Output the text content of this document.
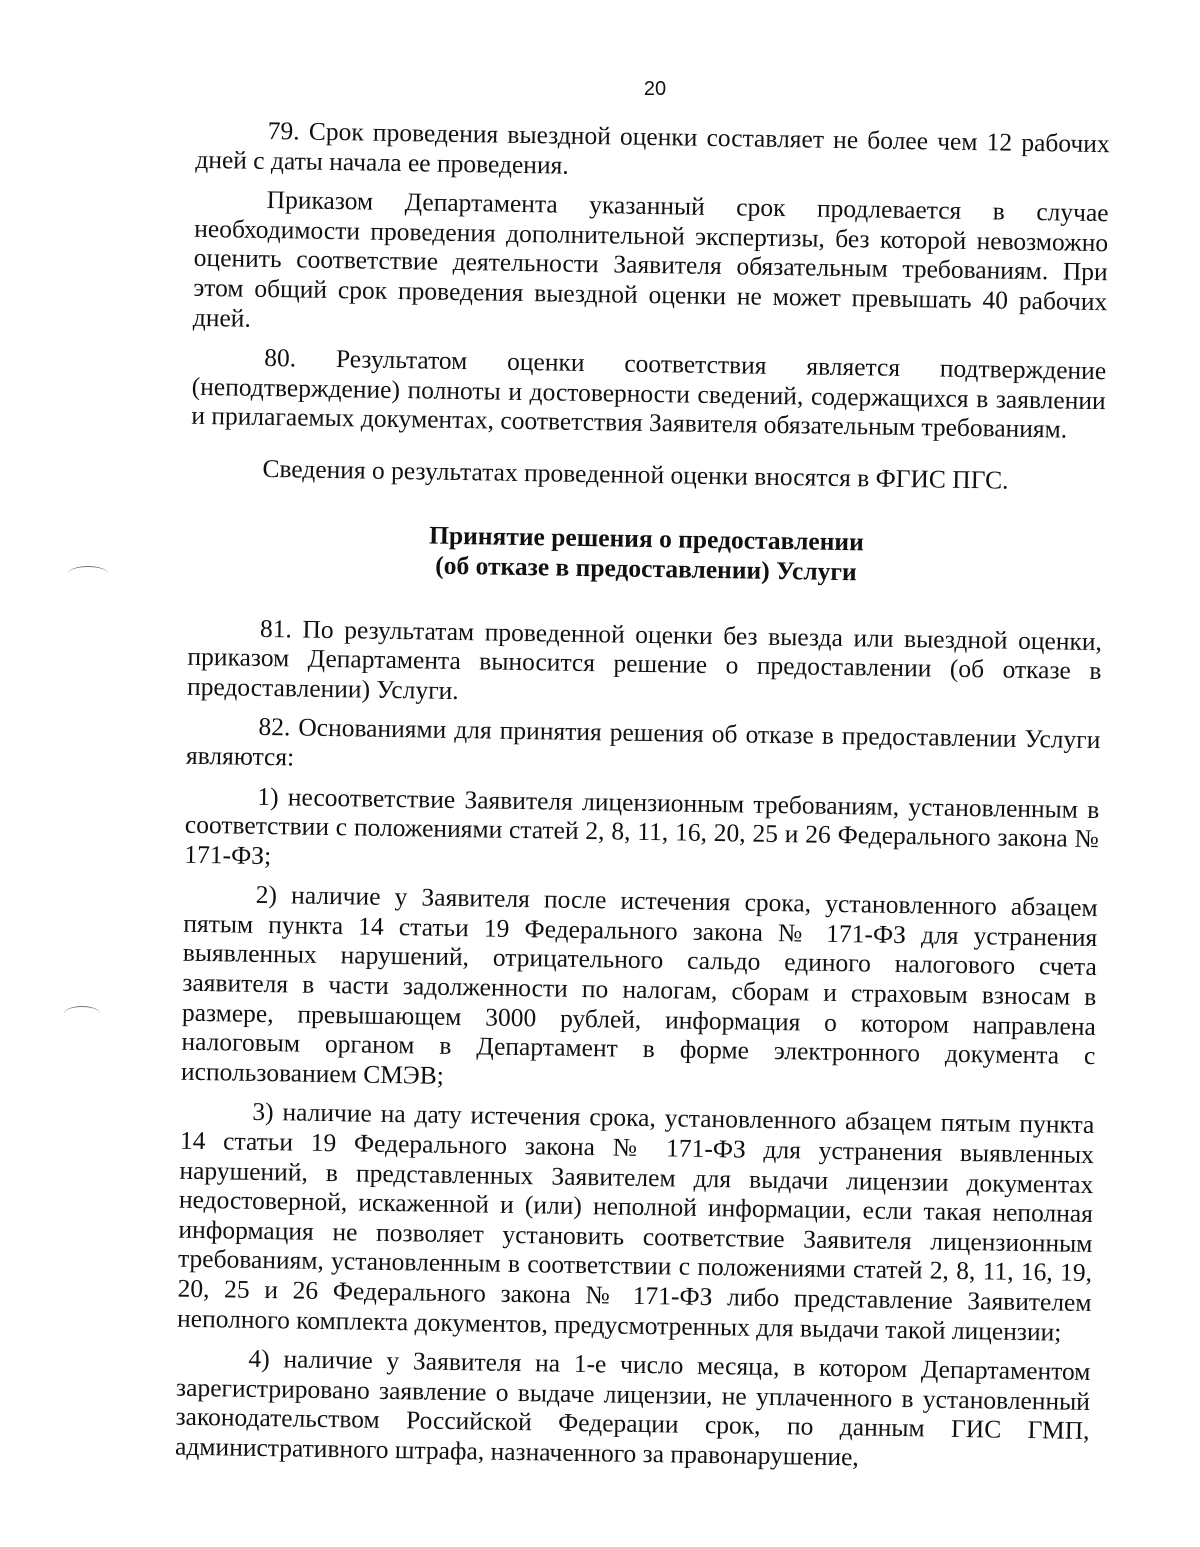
20

79. Срок проведения выездной оценки составляет не более чем 12 рабочих дней с даты начала ее проведения.

Приказом Департамента указанный срок продлевается в случае необходимости проведения дополнительной экспертизы, без которой невозможно оценить соответствие деятельности Заявителя обязательным требованиям. При этом общий срок проведения выездной оценки не может превышать 40 рабочих дней.

80. Результатом оценки соответствия является подтверждение (неподтверждение) полноты и достоверности сведений, содержащихся в заявлении и прилагаемых документах, соответствия Заявителя обязательным требованиям.

Сведения о результатах проведенной оценки вносятся в ФГИС ПГС.

Принятие решения о предоставлении
(об отказе в предоставлении) Услуги

81. По результатам проведенной оценки без выезда или выездной оценки, приказом Департамента выносится решение о предоставлении (об отказе в предоставлении) Услуги.

82. Основаниями для принятия решения об отказе в предоставлении Услуги являются:

1) несоответствие Заявителя лицензионным требованиям, установленным в соответствии с положениями статей 2, 8, 11, 16, 20, 25 и 26 Федерального закона № 171-ФЗ;

2) наличие у Заявителя после истечения срока, установленного абзацем пятым пункта 14 статьи 19 Федерального закона № 171-ФЗ для устранения выявленных нарушений, отрицательного сальдо единого налогового счета заявителя в части задолженности по налогам, сборам и страховым взносам в размере, превышающем 3000 рублей, информация о котором направлена налоговым органом в Департамент в форме электронного документа с использованием СМЭВ;

3) наличие на дату истечения срока, установленного абзацем пятым пункта 14 статьи 19 Федерального закона № 171-ФЗ для устранения выявленных нарушений, в представленных Заявителем для выдачи лицензии документах недостоверной, искаженной и (или) неполной информации, если такая неполная информация не позволяет установить соответствие Заявителя лицензионным требованиям, установленным в соответствии с положениями статей 2, 8, 11, 16, 19, 20, 25 и 26 Федерального закона № 171-ФЗ либо представление Заявителем неполного комплекта документов, предусмотренных для выдачи такой лицензии;

4) наличие у Заявителя на 1-е число месяца, в котором Департаментом зарегистрировано заявление о выдаче лицензии, не уплаченного в установленный законодательством Российской Федерации срок, по данным ГИС ГМП, административного штрафа, назначенного за правонарушение,
